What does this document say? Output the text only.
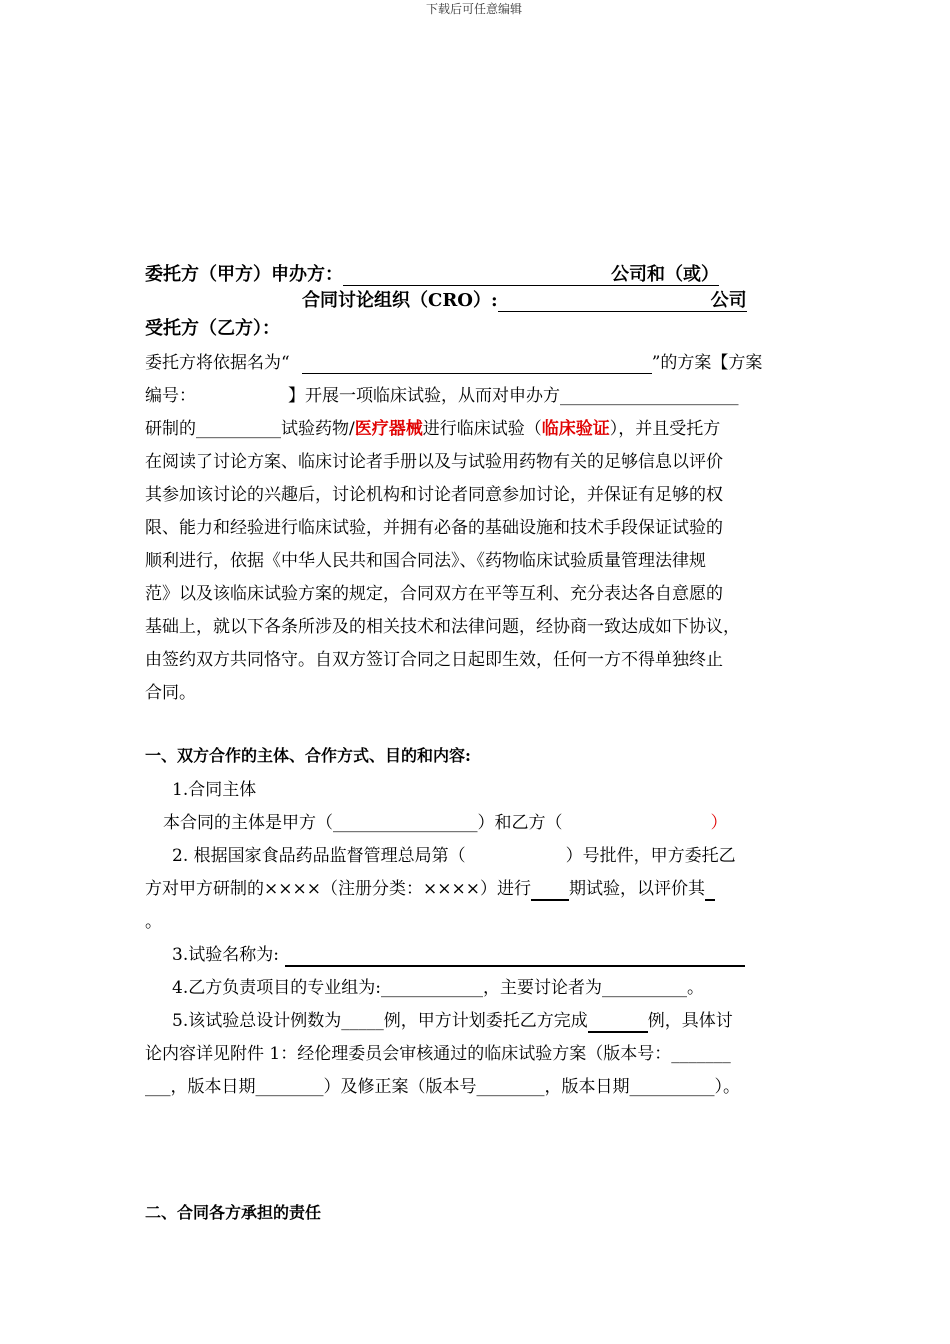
下载后可任意编辑
委托方（甲方）申办方：	公司和（或）
合同讨论组织（CRO）:	公司
受托方（乙方）：
委托方将依据名为“	”的方案【方案
编号：	】开展一项临床试验，从而对申办方_____________________
研制的__________试验药物/医疗器械进行临床试验（临床验证），并且受托方
在阅读了讨论方案、临床讨论者手册以及与试验用药物有关的足够信息以评价
其参加该讨论的兴趣后，讨论机构和讨论者同意参加讨论，并保证有足够的权
限、能力和经验进行临床试验，并拥有必备的基础设施和技术手段保证试验的
顺利进行，依据《中华人民共和国合同法》、《药物临床试验质量管理法律规
范》以及该临床试验方案的规定，合同双方在平等互利、充分表达各自意愿的
基础上，就以下各条所涉及的相关技术和法律问题，经协商一致达成如下协议，
由签约双方共同恪守。自双方签订合同之日起即生效，任何一方不得单独终止
合同。
一、双方合作的主体、合作方式、目的和内容:
1.合同主体
本合同的主体是甲方（_________________）和乙方（	）
2. 根据国家食品药品监督管理总局第（	）号批件，甲方委托乙
方对甲方研制的××××（注册分类：××××）进行 期试验，以评价其
。
3.试验名称为:
4.乙方负责项目的专业组为:____________，主要讨论者为__________。
5.该试验总设计例数为_____例，甲方计划委托乙方完成	例，具体讨
论内容详见附件 1：经伦理委员会审核通过的临床试验方案（版本号：_______
___，版本日期________）及修正案（版本号________，版本日期__________）。
二、合同各方承担的责任
